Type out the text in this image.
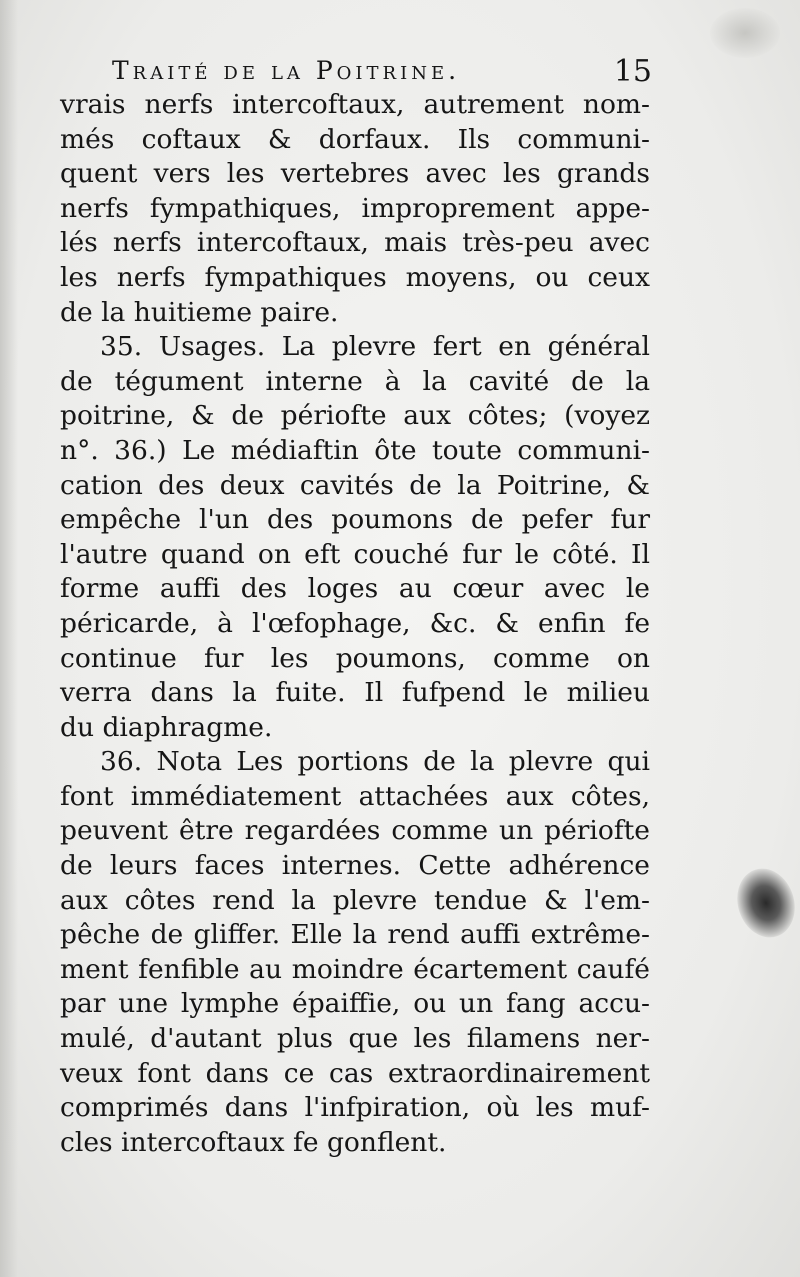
Traité de la Poitrine.	15
vrais nerfs intercoftaux, autrement nom-
més coftaux & dorfaux. Ils communi-
quent vers les vertebres avec les grands
nerfs fympathiques, improprement appe-
lés nerfs intercoftaux, mais très-peu avec
les nerfs fympathiques moyens, ou ceux
de la huitieme paire.
35. Usages. La plevre fert en général
de tégument interne à la cavité de la
poitrine, & de périofte aux côtes; (voyez
n°. 36.) Le médiaftin ôte toute communi-
cation des deux cavités de la Poitrine, &
empêche l'un des poumons de pefer fur
l'autre quand on eft couché fur le côté. Il
forme auffi des loges au cœur avec le
péricarde, à l'œfophage, &c. & enfin fe
continue fur les poumons, comme on
verra dans la fuite. Il fufpend le milieu
du diaphragme.
36. Nota Les portions de la plevre qui
font immédiatement attachées aux côtes,
peuvent être regardées comme un périofte
de leurs faces internes. Cette adhérence
aux côtes rend la plevre tendue & l'em-
pêche de gliffer. Elle la rend auffi extrême-
ment fenfible au moindre écartement caufé
par une lymphe épaiffie, ou un fang accu-
mulé, d'autant plus que les filamens ner-
veux font dans ce cas extraordinairement
comprimés dans l'infpiration, où les muf-
cles intercoftaux fe gonflent.
